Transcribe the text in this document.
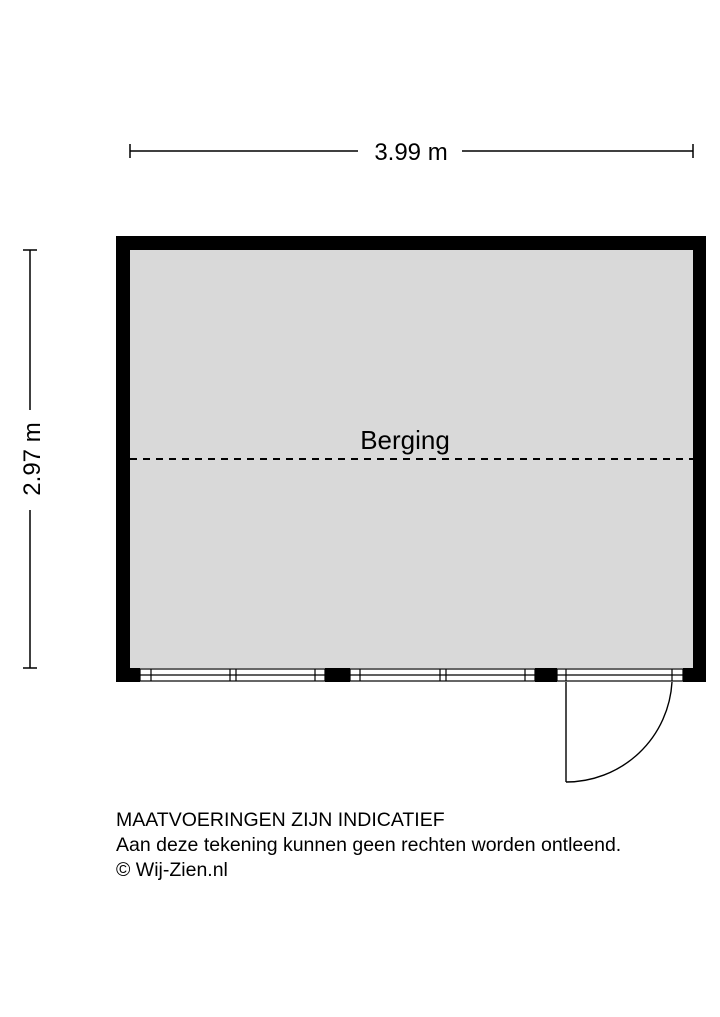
3.99 m
2.97 m	Berging
MAATVOERINGEN ZIJN INDICATIEF
Aan deze tekening kunnen geen rechten worden ontleend.
© Wij-Zien.nl
